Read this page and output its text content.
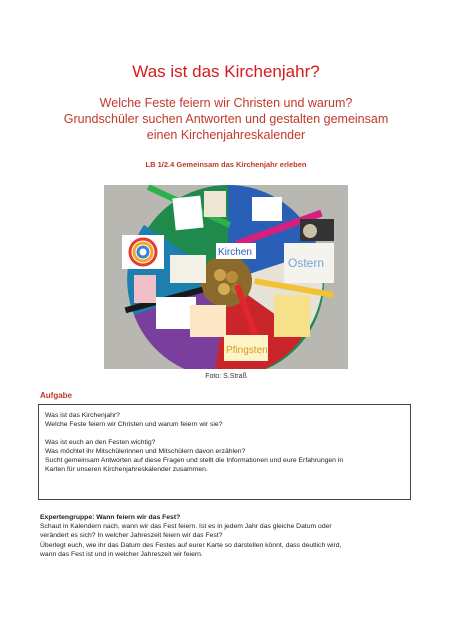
Was ist das Kirchenjahr?
Welche Feste feiern wir Christen und warum?
Grundschüler suchen Antworten und gestalten gemeinsam
einen Kirchenjahreskalender
LB 1/2.4 Gemeinsam das Kirchenjahr erleben
Kirchen
Ostern
Pfingsten
Foto: S.Straß
Aufgabe

Was ist das Kirchenjahr?
Welche Feste feiern wir Christen und warum feiern wir sie?

Was ist euch an den Festen wichtig?
Was möchtet ihr Mitschülerinnen und Mitschülern davon erzählen?
Sucht gemeinsam Antworten auf diese Fragen und stellt die Informationen und eure Erfahrungen in
Karten für unseren Kirchenjahreskalender zusammen.

Expertengruppe: Wann feiern wir das Fest?
Schaut in Kalendern nach, wann wir das Fest feiern. Ist es in jedem Jahr das gleiche Datum oder
verändert es sich? In welcher Jahreszeit feiern wir das Fest?
Überlegt euch, wie ihr das Datum des Festes auf eurer Karte so darstellen könnt, dass deutlich wird,
wann das Fest ist und in welcher Jahreszeit wir feiern.
